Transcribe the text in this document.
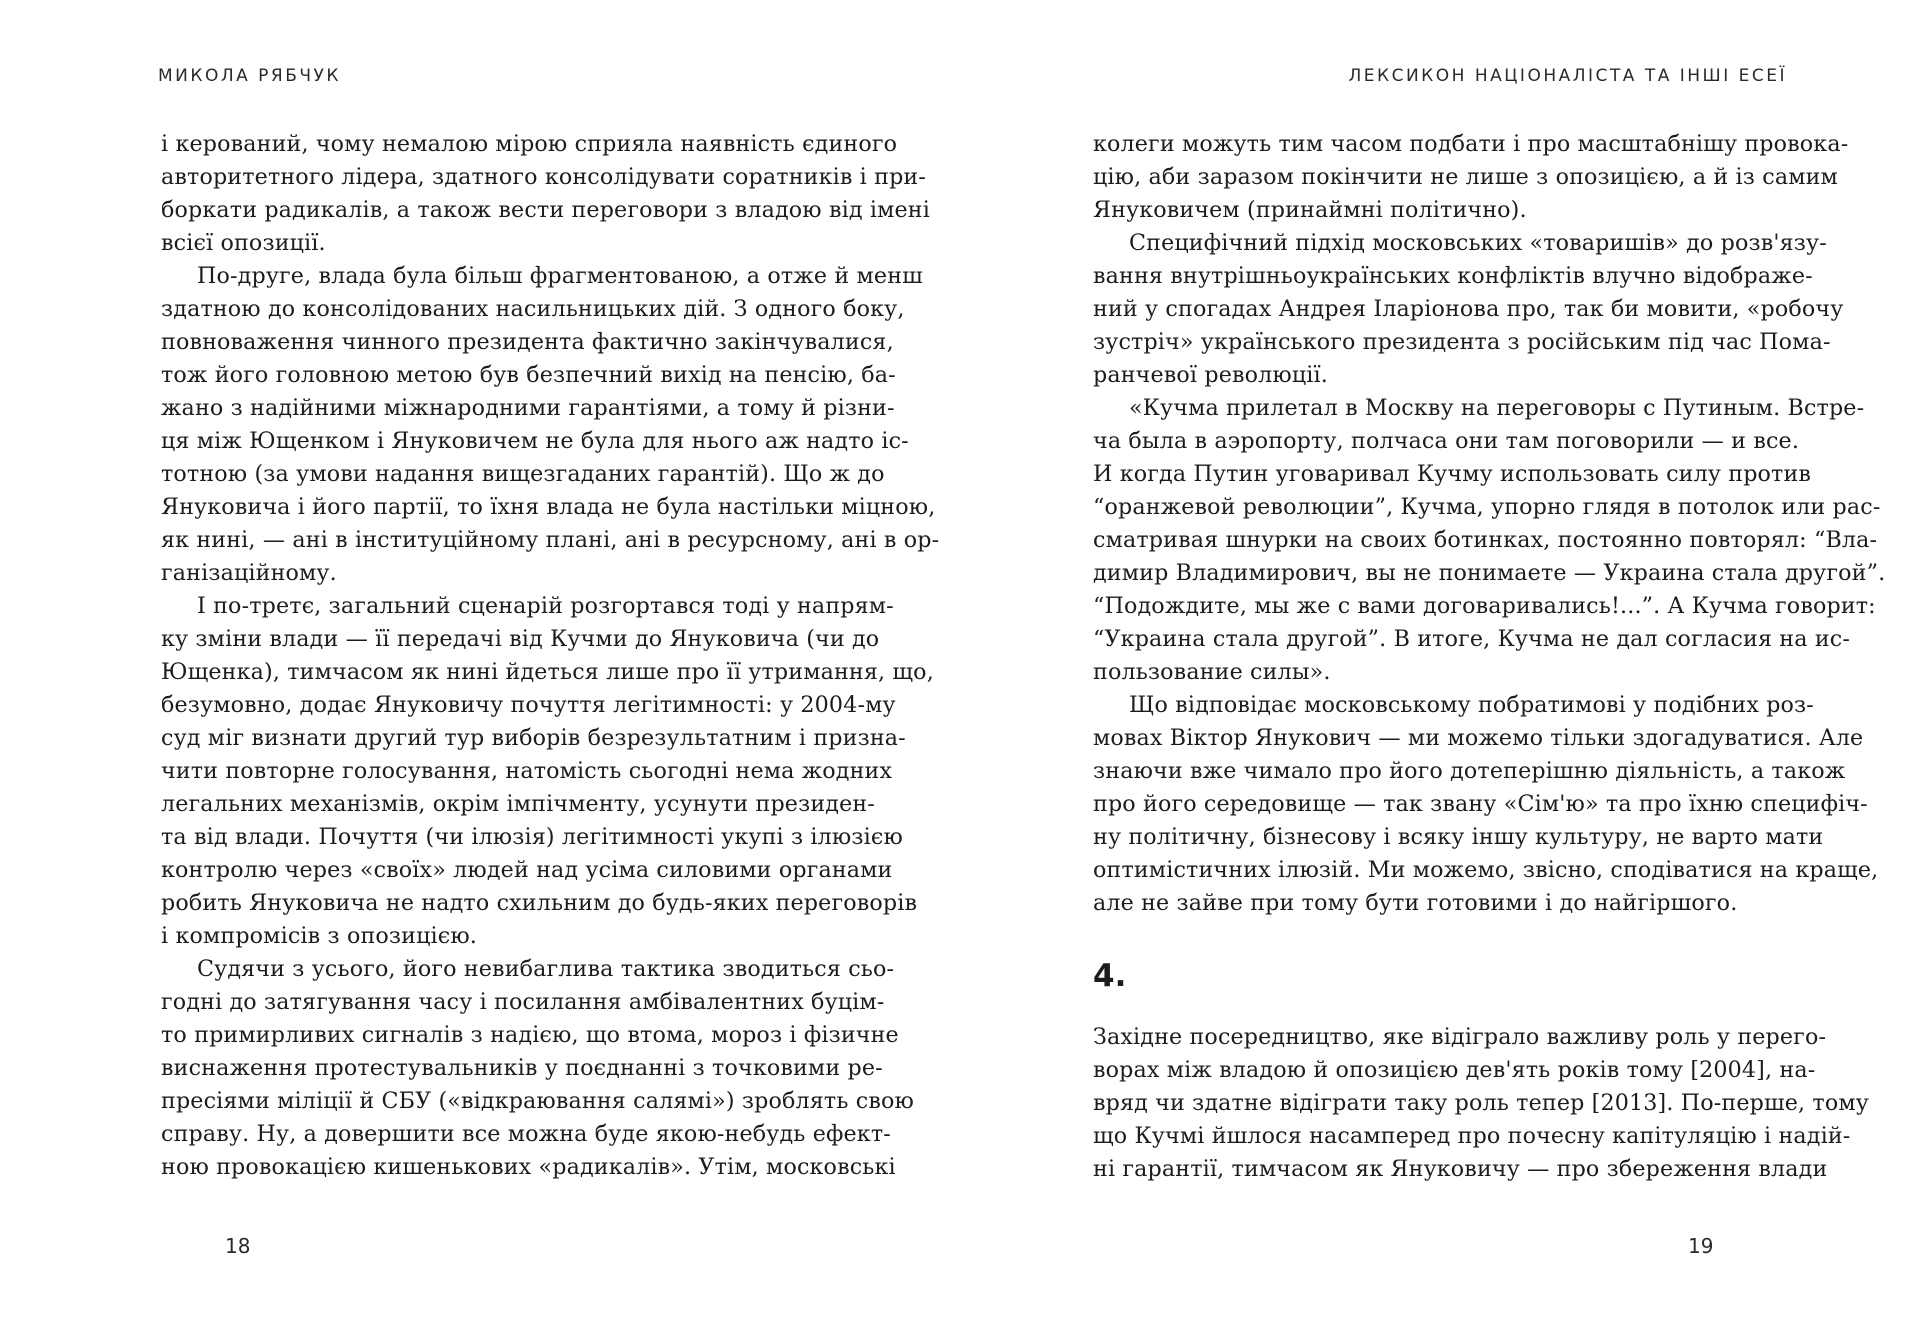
МИКОЛА РЯБЧУК
і керований, чому немалою мірою сприяла наявність єдиного
авторитетного лідера, здатного консолідувати соратників і при-
боркати радикалів, а також вести переговори з владою від імені
всієї опозиції.
По-друге, влада була більш фрагментованою, а отже й менш
здатною до консолідованих насильницьких дій. З одного боку,
повноваження чинного президента фактично закінчувалися,
тож його головною метою був безпечний вихід на пенсію, ба-
жано з надійними міжнародними гарантіями, а тому й різни-
ця між Ющенком і Януковичем не була для нього аж надто іс-
тотною (за умови надання вищезгаданих гарантій). Що ж до
Януковича і його партії, то їхня влада не була настільки міцною,
як нині, — ані в інституційному плані, ані в ресурсному, ані в ор-
ганізаційному.
І по-третє, загальний сценарій розгортався тоді у напрям-
ку зміни влади — її передачі від Кучми до Януковича (чи до
Ющенка), тимчасом як нині йдеться лише про її утримання, що,
безумовно, додає Януковичу почуття легітимності: у 2004-му
суд міг визнати другий тур виборів безрезультатним і призна-
чити повторне голосування, натомість сьогодні нема жодних
легальних механізмів, окрім імпічменту, усунути президен-
та від влади. Почуття (чи ілюзія) легітимності укупі з ілюзією
контролю через «своїх» людей над усіма силовими органами
робить Януковича не надто схильним до будь-яких переговорів
і компромісів з опозицією.
Судячи з усього, його невибаглива тактика зводиться сьо-
годні до затягування часу і посилання амбівалентних буцім-
то примирливих сигналів з надією, що втома, мороз і фізичне
виснаження протестувальників у поєднанні з точковими ре-
пресіями міліції й СБУ («відкраювання салямі») зроблять свою
справу. Ну, а довершити все можна буде якою-небудь ефект-
ною провокацією кишенькових «радикалів». Утім, московські
18
ЛЕКСИКОН НАЦІОНАЛІСТА ТА ІНШІ ЕСЕЇ
колеги можуть тим часом подбати і про масштабнішу провока-
цію, аби заразом покінчити не лише з опозицією, а й із самим
Януковичем (принаймні політично).
Специфічний підхід московських «товаришів» до розв'язу-
вання внутрішньоукраїнських конфліктів влучно відображе-
ний у спогадах Андрея Іларіонова про, так би мовити, «робочу
зустріч» українського президента з російським під час Пома-
ранчевої революції.
«Кучма прилетал в Москву на переговоры с Путиным. Встре-
ча была в аэропорту, полчаса они там поговорили — и все.
И когда Путин уговаривал Кучму использовать силу против
“оранжевой революции”, Кучма, упорно глядя в потолок или рас-
сматривая шнурки на своих ботинках, постоянно повторял: “Вла-
димир Владимирович, вы не понимаете — Украина стала другой”.
“Подождите, мы же с вами договаривались!...”. А Кучма говорит:
“Украина стала другой”. В итоге, Кучма не дал согласия на ис-
пользование силы».
Що відповідає московському побратимові у подібних роз-
мовах Віктор Янукович — ми можемо тільки здогадуватися. Але
знаючи вже чимало про його дотеперішню діяльність, а також
про його середовище — так звану «Сім'ю» та про їхню специфіч-
ну політичну, бізнесову і всяку іншу культуру, не варто мати
оптимістичних ілюзій. Ми можемо, звісно, сподіватися на краще,
але не зайве при тому бути готовими і до найгіршого.
4.
Західне посередництво, яке відіграло важливу роль у перего-
ворах між владою й опозицією дев'ять років тому [2004], на-
вряд чи здатне відіграти таку роль тепер [2013]. По-перше, тому
що Кучмі йшлося насамперед про почесну капітуляцію і надій-
ні гарантії, тимчасом як Януковичу — про збереження влади
19
